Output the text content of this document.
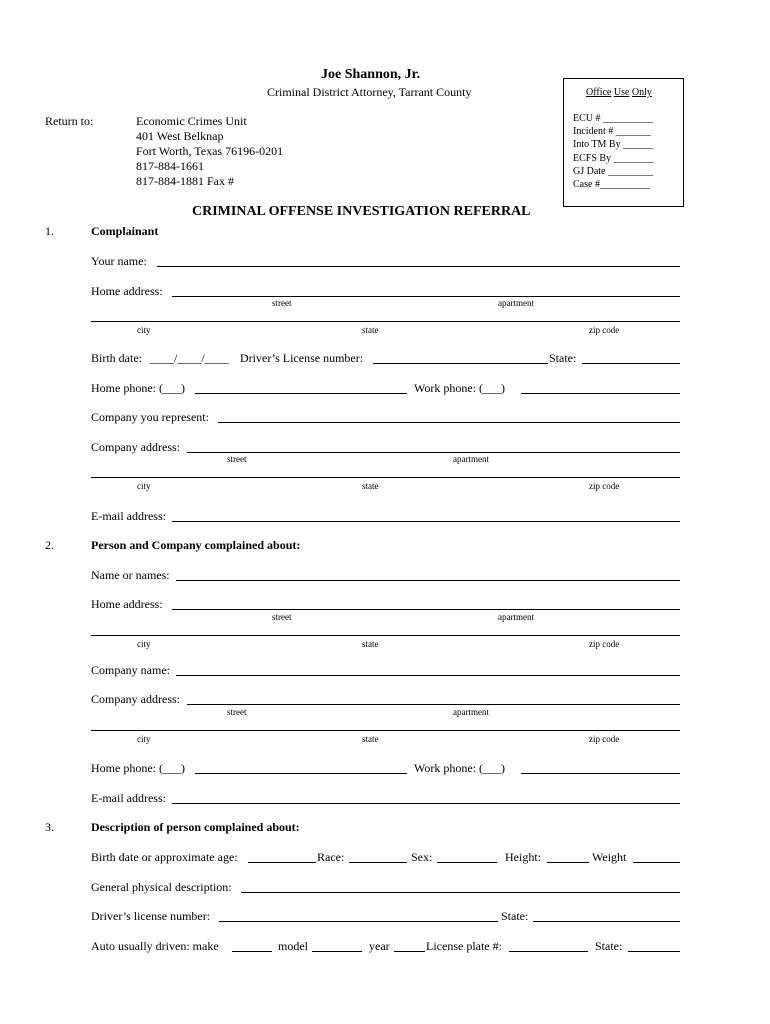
Joe Shannon, Jr.
Criminal District Attorney, Tarrant County
Return to:	Economic Crimes Unit
401 West Belknap
Fort Worth, Texas 76196-0201
817-884-1661
817-884-1881 Fax #
Office Use Only
ECU # __________
Incident # _______
Into TM By ______
ECFS By ________
GJ Date _________
Case #__________
CRIMINAL OFFENSE INVESTIGATION REFERRAL
1.	Complainant
Your name:
Home address:
street	apartment
city	state	zip code
Birth date: ____/____/____ Driver’s License number:	State:
Home phone: (___)	Work phone: (___)
Company you represent:
Company address:
street	apartment
city	state	zip code
E-mail address:
2.	Person and Company complained about:
Name or names:
Home address:
street	apartment
city	state	zip code
Company name:
Company address:
street	apartment
city	state	zip code
Home phone: (___)	Work phone: (___)
E-mail address:
3.	Description of person complained about:
Birth date or approximate age:	Race:	Sex:	Height:	Weight
General physical description:
Driver’s license number:	State:
Auto usually driven: make	model	year	License plate #:	State:
